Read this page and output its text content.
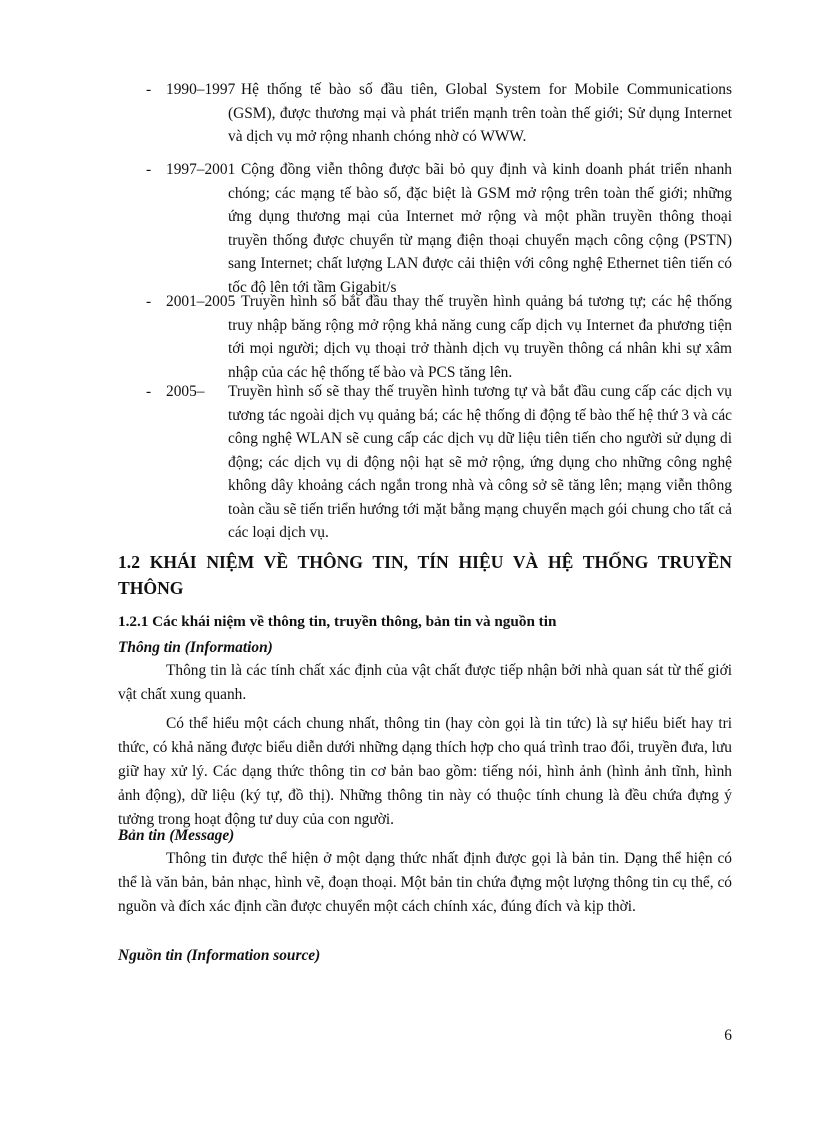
- 1990–1997 Hệ thống tế bào số đầu tiên, Global System for Mobile Communications (GSM), được thương mại và phát triển mạnh trên toàn thế giới; Sử dụng Internet và dịch vụ mở rộng nhanh chóng nhờ có WWW.

- 1997–2001 Cộng đồng viễn thông được bãi bỏ quy định và kinh doanh phát triển nhanh chóng; các mạng tế bào số, đặc biệt là GSM mở rộng trên toàn thế giới; những ứng dụng thương mại của Internet mở rộng và một phần truyền thông thoại truyền thống được chuyển từ mạng điện thoại chuyển mạch công cộng (PSTN) sang Internet; chất lượng LAN được cải thiện với công nghệ Ethernet tiên tiến có tốc độ lên tới tầm Gigabit/s

- 2001–2005 Truyền hình số bắt đầu thay thế truyền hình quảng bá tương tự; các hệ thống truy nhập băng rộng mở rộng khả năng cung cấp dịch vụ Internet đa phương tiện tới mọi người; dịch vụ thoại trở thành dịch vụ truyền thông cá nhân khi sự xâm nhập của các hệ thống tế bào và PCS tăng lên.

- 2005–	Truyền hình số sẽ thay thế truyền hình tương tự và bắt đầu cung cấp các dịch vụ tương tác ngoài dịch vụ quảng bá; các hệ thống di động tế bào thế hệ thứ 3 và các công nghệ WLAN sẽ cung cấp các dịch vụ dữ liệu tiên tiến cho người sử dụng di động; các dịch vụ di động nội hạt sẽ mở rộng, ứng dụng cho những công nghệ không dây khoảng cách ngắn trong nhà và công sở sẽ tăng lên; mạng viễn thông toàn cầu sẽ tiến triển hướng tới mặt bằng mạng chuyển mạch gói chung cho tất cả các loại dịch vụ.

1.2 KHÁI NIỆM VỀ THÔNG TIN, TÍN HIỆU VÀ HỆ THỐNG TRUYỀN THÔNG
1.2.1 Các khái niệm về thông tin, truyền thông, bản tin và nguồn tin

Thông tin (Information)

Thông tin là các tính chất xác định của vật chất được tiếp nhận bởi nhà quan sát từ thế giới vật chất xung quanh.

Có thể hiểu một cách chung nhất, thông tin (hay còn gọi là tin tức) là sự hiểu biết hay tri thức, có khả năng được biểu diễn dưới những dạng thích hợp cho quá trình trao đổi, truyền đưa, lưu giữ hay xử lý. Các dạng thức thông tin cơ bản bao gồm: tiếng nói, hình ảnh (hình ảnh tĩnh, hình ảnh động), dữ liệu (ký tự, đồ thị). Những thông tin này có thuộc tính chung là đều chứa đựng ý tưởng trong hoạt động tư duy của con người.

Bản tin (Message)

Thông tin được thể hiện ở một dạng thức nhất định được gọi là bản tin. Dạng thể hiện có thể là văn bản, bản nhạc, hình vẽ, đoạn thoại. Một bản tin chứa đựng một lượng thông tin cụ thể, có nguồn và đích xác định cần được chuyển một cách chính xác, đúng đích và kịp thời.

Nguồn tin (Information source)

6
